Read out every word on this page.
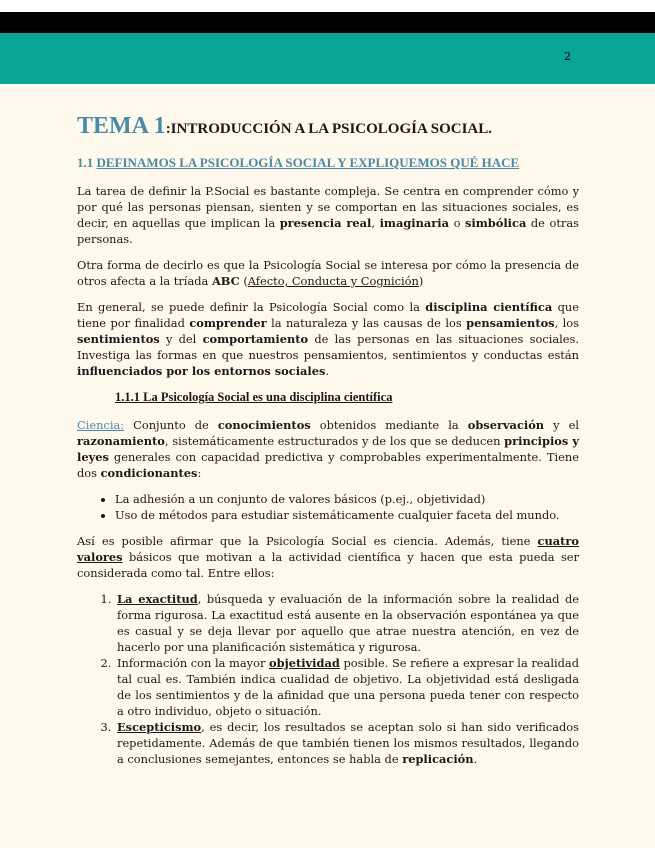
2
TEMA 1:INTRODUCCIÓN A LA PSICOLOGÍA SOCIAL.
1.1 DEFINAMOS LA PSICOLOGÍA SOCIAL Y EXPLIQUEMOS QUÉ HACE

La tarea de definir la P.Social es bastante compleja. Se centra en comprender cómo y por qué las personas piensan, sienten y se comportan en las situaciones sociales, es decir, en aquellas que implican la presencia real, imaginaria o simbólica de otras personas.

Otra forma de decirlo es que la Psicología Social se interesa por cómo la presencia de otros afecta a la tríada ABC (Afecto, Conducta y Cognición)

En general, se puede definir la Psicología Social como la disciplina científica que tiene por finalidad comprender la naturaleza y las causas de los pensamientos, los sentimientos y del comportamiento de las personas en las situaciones sociales. Investiga las formas en que nuestros pensamientos, sentimientos y conductas están influenciados por los entornos sociales.

1.1.1 La Psicología Social es una disciplina científica

Ciencia: Conjunto de conocimientos obtenidos mediante la observación y el razonamiento, sistemáticamente estructurados y de los que se deducen principios y leyes generales con capacidad predictiva y comprobables experimentalmente. Tiene dos condicionantes:

• La adhesión a un conjunto de valores básicos (p.ej., objetividad)
• Uso de métodos para estudiar sistemáticamente cualquier faceta del mundo.

Así es posible afirmar que la Psicología Social es ciencia. Además, tiene cuatro valores básicos que motivan a la actividad científica y hacen que esta pueda ser considerada como tal. Entre ellos:

1. La exactitud, búsqueda y evaluación de la información sobre la realidad de forma rigurosa. La exactitud está ausente en la observación espontánea ya que es casual y se deja llevar por aquello que atrae nuestra atención, en vez de hacerlo por una planificación sistemática y rigurosa.
2. Información con la mayor objetividad posible. Se refiere a expresar la realidad tal cual es. También indica cualidad de objetivo. La objetividad está desligada de los sentimientos y de la afinidad que una persona pueda tener con respecto a otro individuo, objeto o situación.
3. Escepticismo, es decir, los resultados se aceptan solo si han sido verificados repetidamente. Además de que también tienen los mismos resultados, llegando a conclusiones semejantes, entonces se habla de replicación.
